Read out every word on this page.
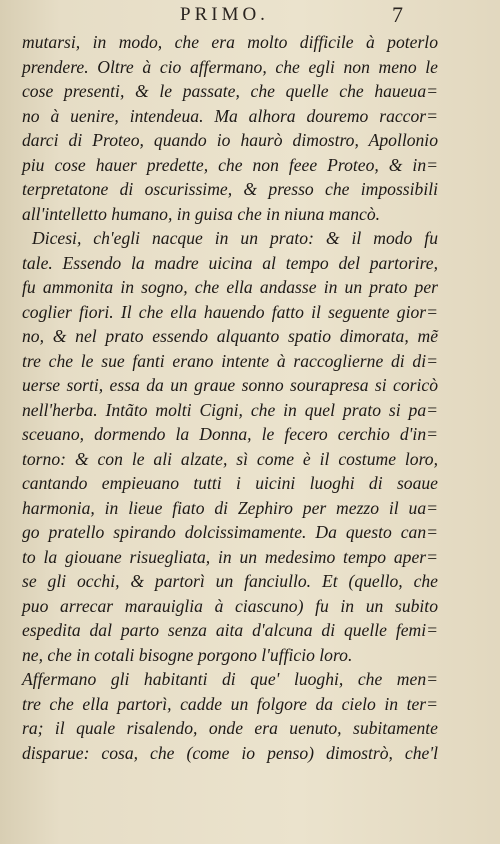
PRIMO.	7
mutarsi, in modo, che era molto difficile à poterlo
prendere. Oltre à cio affermano, che egli non meno le
cose presenti, & le passate, che quelle che haueua=
no à uenire, intendeua. Ma alhora douremo raccor=
darci di Proteo, quando io haurò dimostro, Apollonio
piu cose hauer predette, che non feee Proteo, & in=
terpretatone di oscurissime, & presso che impossibili
all'intelletto humano, in guisa che in niuna mancò.
Dicesi, ch'egli nacque in un prato: & il modo fu
tale. Essendo la madre uicina al tempo del partorire,
fu ammonita in sogno, che ella andasse in un prato per
coglier fiori. Il che ella hauendo fatto il seguente gior=
no, & nel prato essendo alquanto spatio dimorata, mẽ
tre che le sue fanti erano intente à raccoglierne di di=
uerse sorti, essa da un graue sonno sourapresa si coricò
nell'herba. Intãto molti Cigni, che in quel prato si pa=
sceuano, dormendo la Donna, le fecero cerchio d'in=
torno: & con le ali alzate, sì come è il costume loro,
cantando empieuano tutti i uicini luoghi di soaue
harmonia, in lieue fiato di Zephiro per mezzo il ua=
go pratello spirando dolcissimamente. Da questo can=
to la giouane risuegliata, in un medesimo tempo aper=
se gli occhi, & partorì un fanciullo. Et (quello, che
puo arrecar marauiglia à ciascuno) fu in un subito
espedita dal parto senza aita d'alcuna di quelle femi=
ne, che in cotali bisogne porgono l'ufficio loro.
Affermano gli habitanti di que' luoghi, che men=
tre che ella partorì, cadde un folgore da cielo in ter=
ra; il quale risalendo, onde era uenuto, subitamente
disparue: cosa, che (come io penso) dimostrò, che'l
